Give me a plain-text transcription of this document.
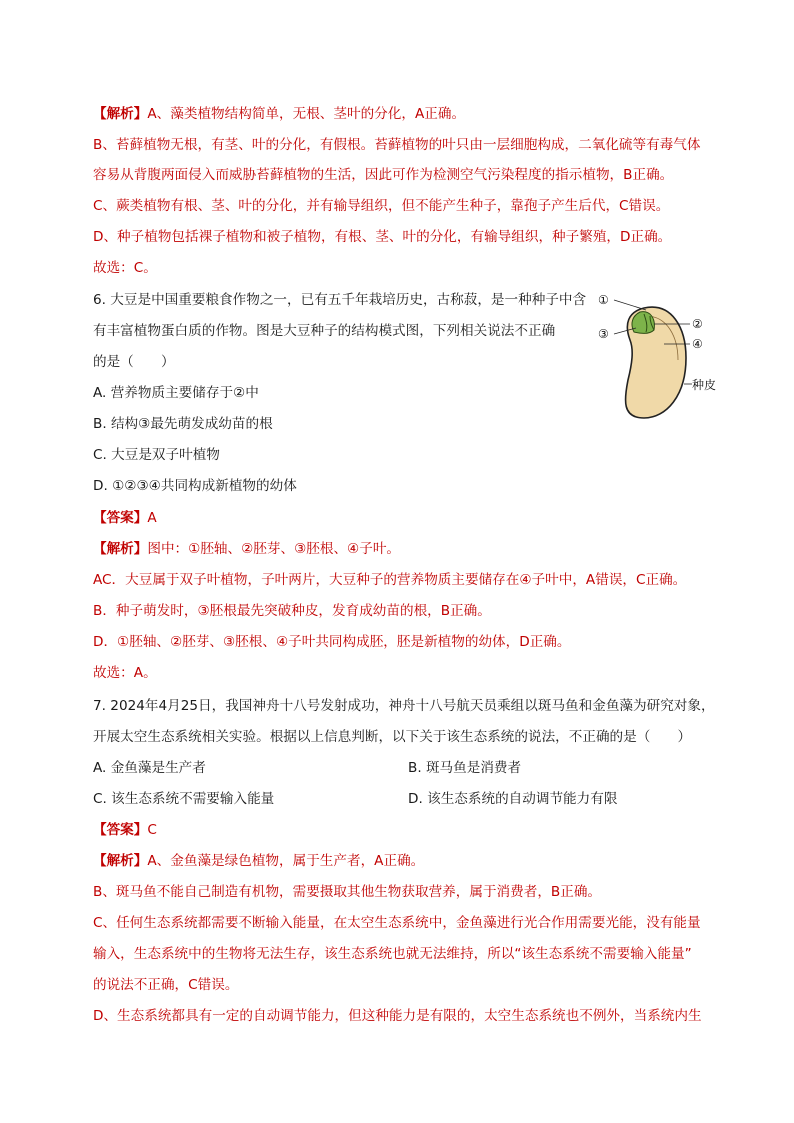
【解析】A、藻类植物结构简单，无根、茎叶的分化，A正确。
B、苔藓植物无根，有茎、叶的分化，有假根。苔藓植物的叶只由一层细胞构成，二氧化硫等有毒气体
容易从背腹两面侵入而威胁苔藓植物的生活，因此可作为检测空气污染程度的指示植物，B正确。
C、蕨类植物有根、茎、叶的分化，并有输导组织，但不能产生种子，靠孢子产生后代，C错误。
D、种子植物包括裸子植物和被子植物，有根、茎、叶的分化，有输导组织，种子繁殖，D正确。
故选：C。
6. 大豆是中国重要粮食作物之一，已有五千年栽培历史，古称菽，是一种种子中含
有丰富植物蛋白质的作物。图是大豆种子的结构模式图，下列相关说法不正确
的是（　　）
A. 营养物质主要储存于②中
B. 结构③最先萌发成幼苗的根
C. 大豆是双子叶植物
D. ①②③④共同构成新植物的幼体
①
②
③
④
种皮
【答案】A
【解析】图中：①胚轴、②胚芽、③胚根、④子叶。
AC．大豆属于双子叶植物，子叶两片，大豆种子的营养物质主要储存在④子叶中，A错误，C正确。
B．种子萌发时，③胚根最先突破种皮，发育成幼苗的根，B正确。
D．①胚轴、②胚芽、③胚根、④子叶共同构成胚，胚是新植物的幼体，D正确。
故选：A。
7. 2024年4月25日，我国神舟十八号发射成功，神舟十八号航天员乘组以斑马鱼和金鱼藻为研究对象，
开展太空生态系统相关实验。根据以上信息判断，以下关于该生态系统的说法，不正确的是（　　）
A. 金鱼藻是生产者	B. 斑马鱼是消费者
C. 该生态系统不需要输入能量	D. 该生态系统的自动调节能力有限
【答案】C
【解析】A、金鱼藻是绿色植物，属于生产者，A正确。
B、斑马鱼不能自己制造有机物，需要摄取其他生物获取营养，属于消费者，B正确。
C、任何生态系统都需要不断输入能量，在太空生态系统中，金鱼藻进行光合作用需要光能，没有能量
输入，生态系统中的生物将无法生存，该生态系统也就无法维持，所以“该生态系统不需要输入能量”
的说法不正确，C错误。
D、生态系统都具有一定的自动调节能力，但这种能力是有限的，太空生态系统也不例外，当系统内生
